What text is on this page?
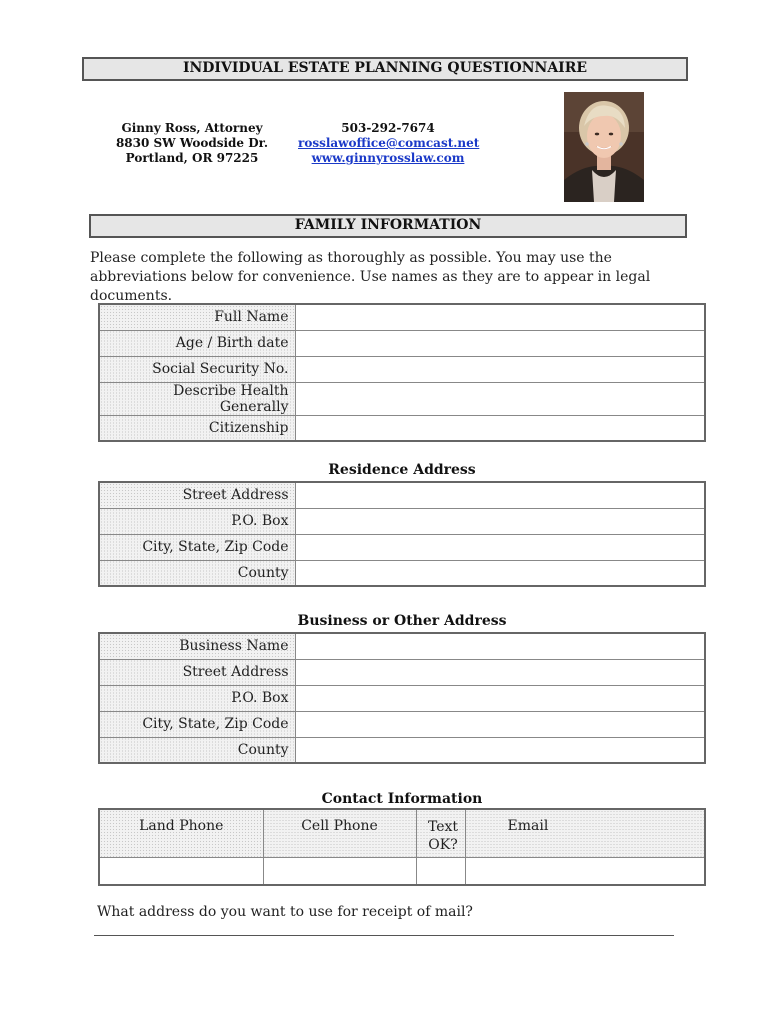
INDIVIDUAL ESTATE PLANNING QUESTIONNAIRE
Ginny Ross, Attorney
8830 SW Woodside Dr.
Portland, OR 97225
503-292-7674
rosslawoffice@comcast.net
www.ginnyrosslaw.com
FAMILY INFORMATION
Please complete the following as thoroughly as possible. You may use the abbreviations below for convenience. Use names as they are to appear in legal documents.
Full Name	
Age / Birth date	
Social Security No.	
Describe Health Generally	
Citizenship	
Residence Address
Street Address	
P.O. Box	
City, State, Zip Code	
County	
Business or Other Address
Business Name	
Street Address	
P.O. Box	
City, State, Zip Code	
County	
Contact Information
Land Phone	Cell Phone	Text OK?	Email

What address do you want to use for receipt of mail?
